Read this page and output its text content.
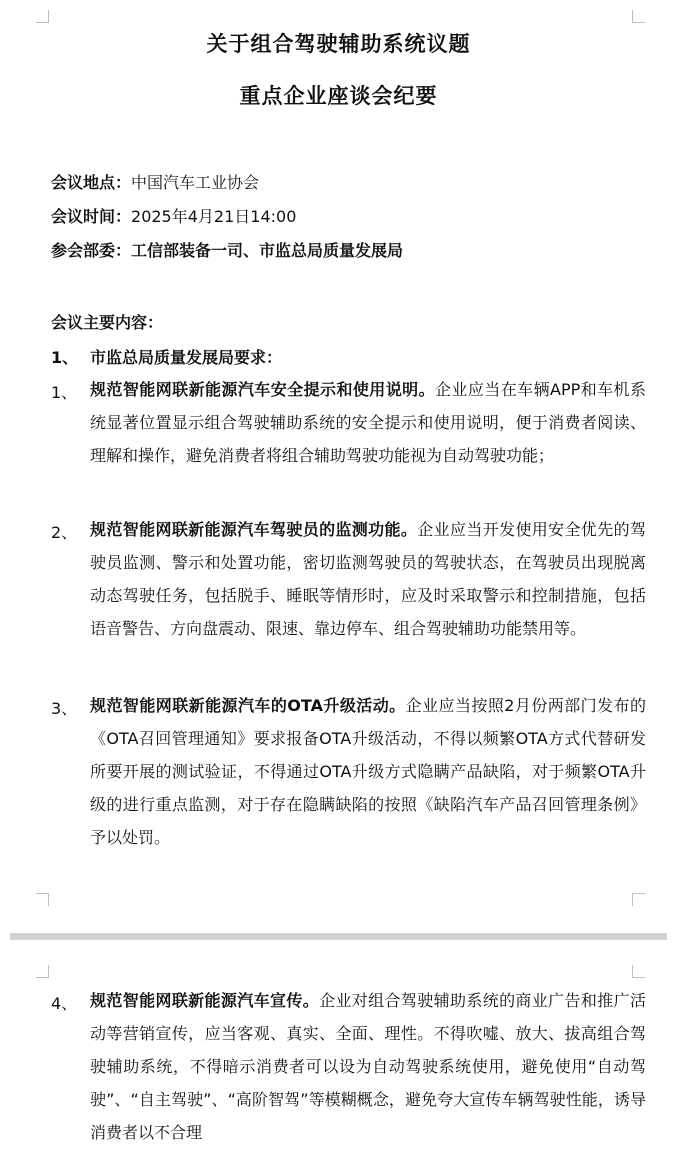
关于组合驾驶辅助系统议题
重点企业座谈会纪要
会议地点：中国汽车工业协会
会议时间：2025年4月21日14:00
参会部委：工信部装备一司、市监总局质量发展局
会议主要内容：
1、 市监总局质量发展局要求：
1、 规范智能网联新能源汽车安全提示和使用说明。企业应当在车辆APP和车机系统显著位置显示组合驾驶辅助系统的安全提示和使用说明，便于消费者阅读、理解和操作，避免消费者将组合辅助驾驶功能视为自动驾驶功能；
2、 规范智能网联新能源汽车驾驶员的监测功能。企业应当开发使用安全优先的驾驶员监测、警示和处置功能，密切监测驾驶员的驾驶状态，在驾驶员出现脱离动态驾驶任务，包括脱手、睡眠等情形时，应及时采取警示和控制措施，包括语音警告、方向盘震动、限速、靠边停车、组合驾驶辅助功能禁用等。
3、 规范智能网联新能源汽车的OTA升级活动。企业应当按照2月份两部门发布的《OTA召回管理通知》要求报备OTA升级活动，不得以频繁OTA方式代替研发所要开展的测试验证，不得通过OTA升级方式隐瞒产品缺陷，对于频繁OTA升级的进行重点监测，对于存在隐瞒缺陷的按照《缺陷汽车产品召回管理条例》予以处罚。
4、 规范智能网联新能源汽车宣传。企业对组合驾驶辅助系统的商业广告和推广活动等营销宣传，应当客观、真实、全面、理性。不得吹嘘、放大、拔高组合驾驶辅助系统，不得暗示消费者可以设为自动驾驶系统使用，避免使用“自动驾驶”、“自主驾驶”、“高阶智驾”等模糊概念，避免夸大宣传车辆驾驶性能，诱导消费者以不合理
